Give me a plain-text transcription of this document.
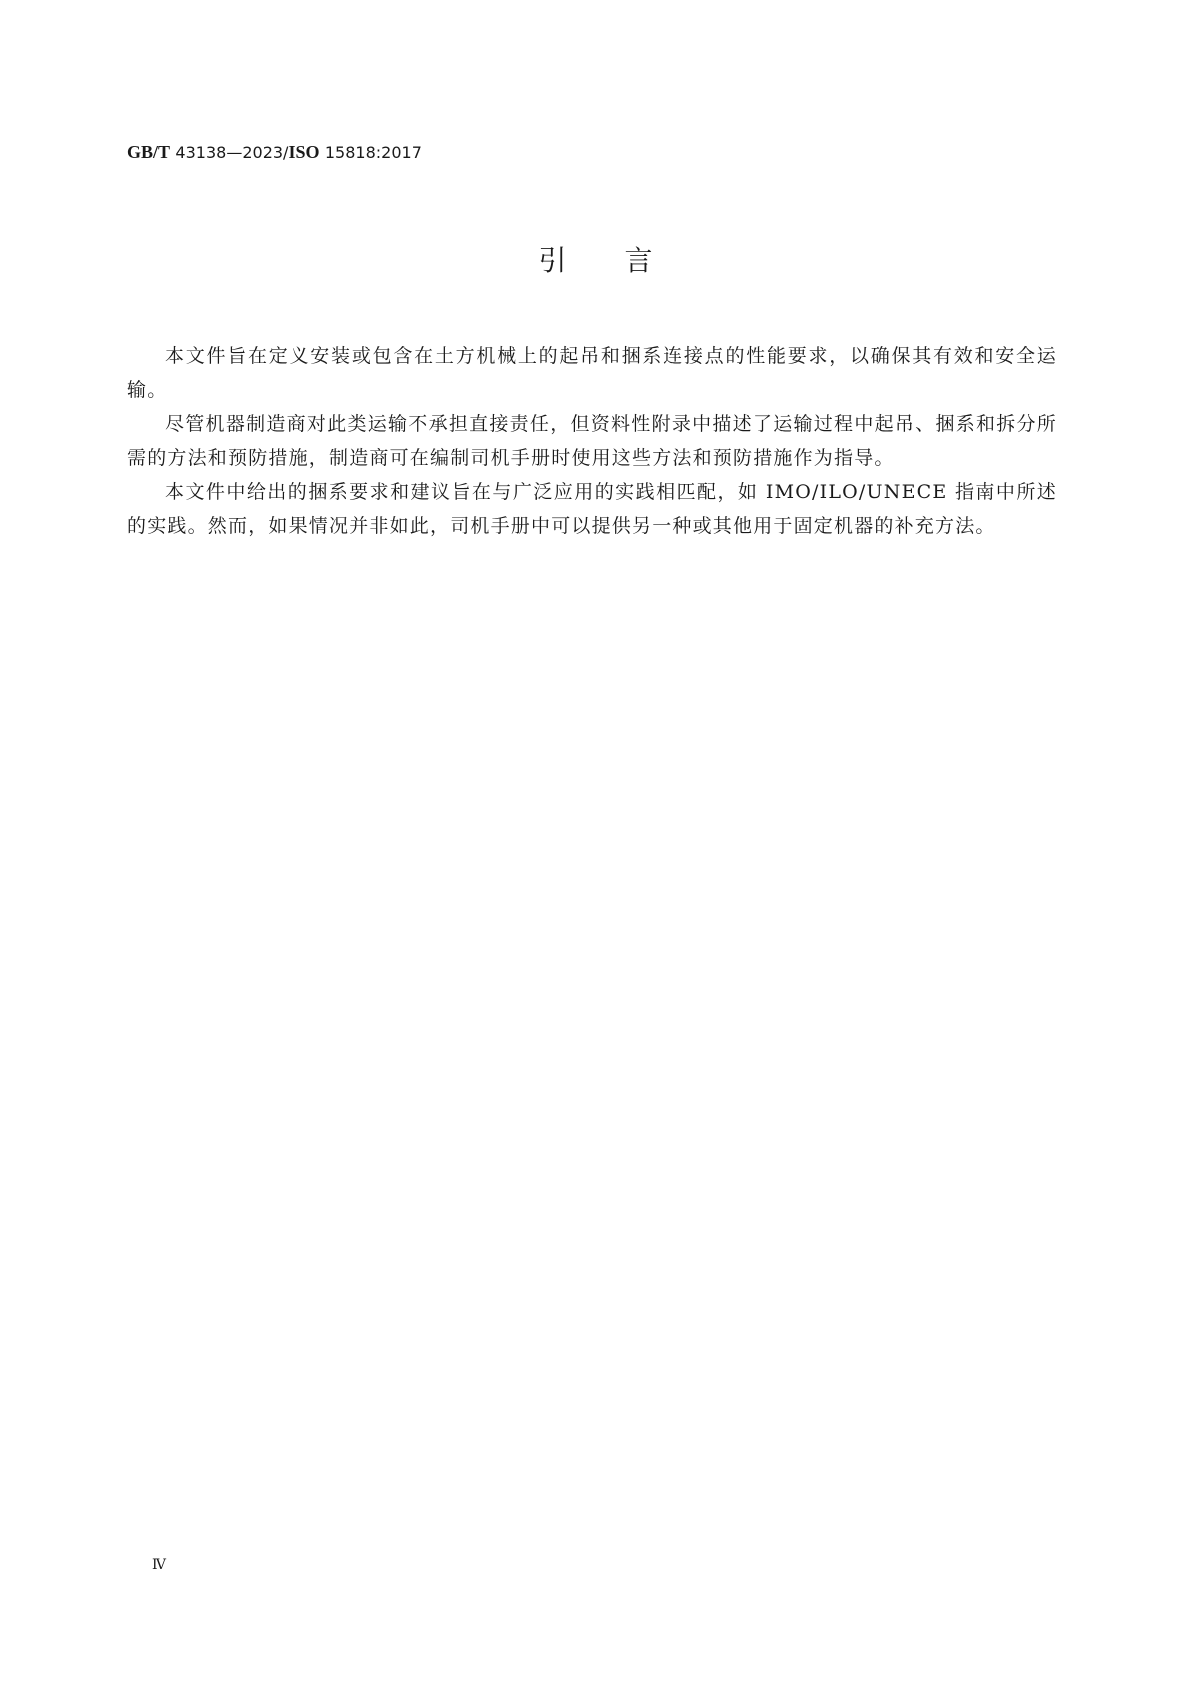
GB/T 43138—2023/ISO 15818:2017
引言

本文件旨在定义安装或包含在土方机械上的起吊和捆系连接点的性能要求，以确保其有效和安全运输。

尽管机器制造商对此类运输不承担直接责任，但资料性附录中描述了运输过程中起吊、捆系和拆分所需的方法和预防措施，制造商可在编制司机手册时使用这些方法和预防措施作为指导。

本文件中给出的捆系要求和建议旨在与广泛应用的实践相匹配，如 IMO/ILO/UNECE 指南中所述的实践。然而，如果情况并非如此，司机手册中可以提供另一种或其他用于固定机器的补充方法。

Ⅳ
